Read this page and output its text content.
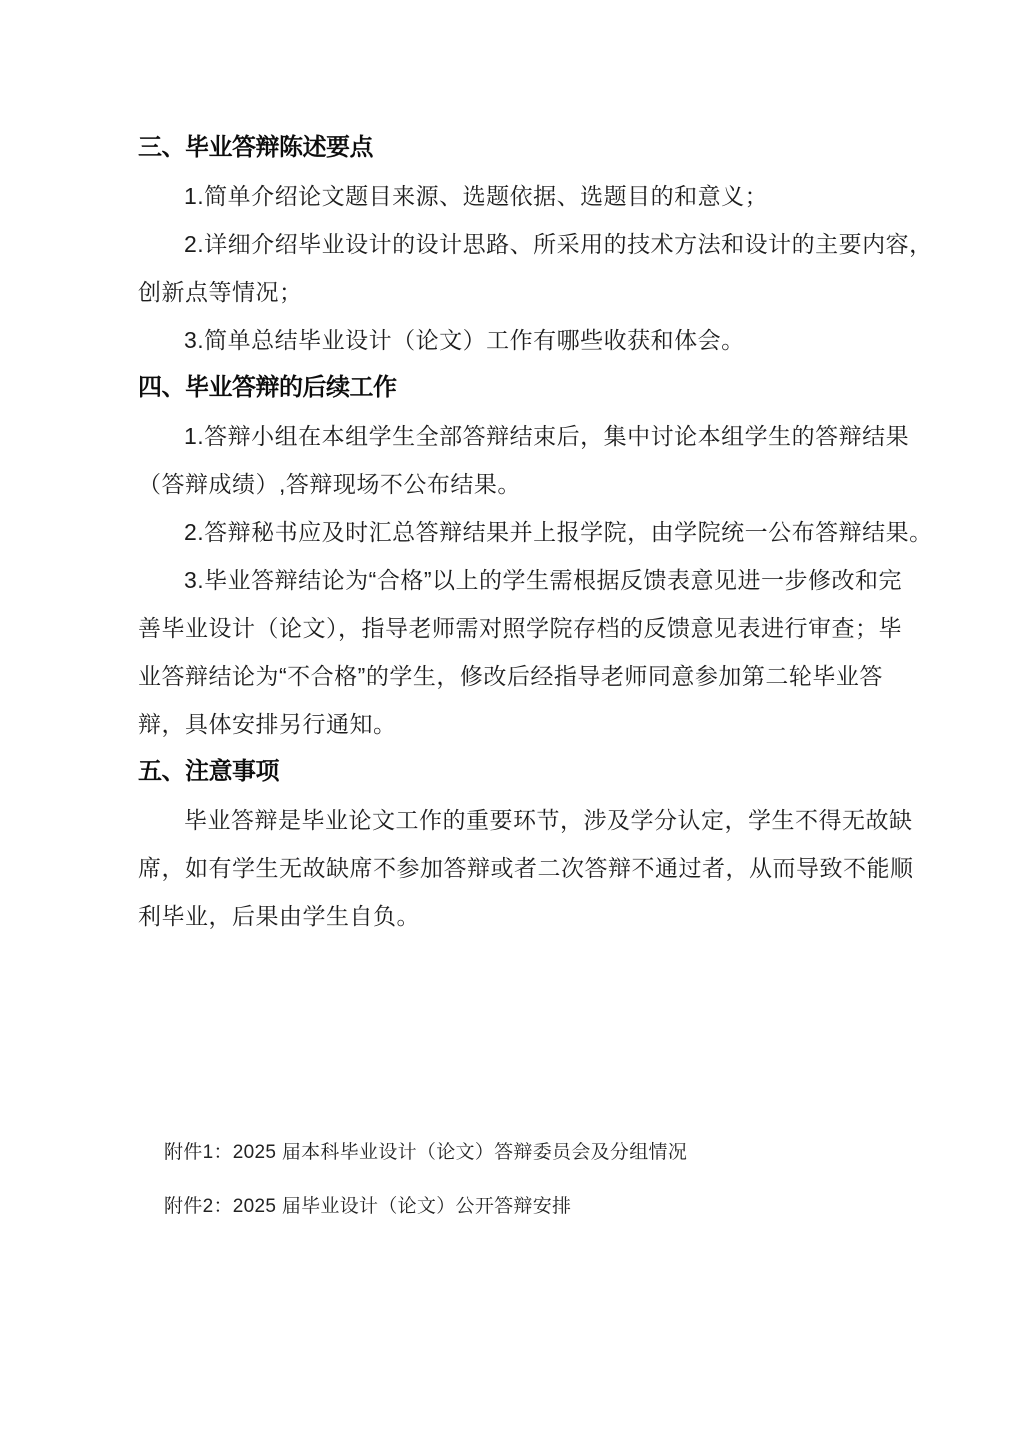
三、毕业答辩陈述要点
1.简单介绍论文题目来源、选题依据、选题目的和意义；
2.详细介绍毕业设计的设计思路、所采用的技术方法和设计的主要内容，
创新点等情况；
3.简单总结毕业设计（论文）工作有哪些收获和体会。
四、毕业答辩的后续工作
1.答辩小组在本组学生全部答辩结束后，集中讨论本组学生的答辩结果
（答辩成绩）,答辩现场不公布结果。
2.答辩秘书应及时汇总答辩结果并上报学院，由学院统一公布答辩结果。
3.毕业答辩结论为“合格”以上的学生需根据反馈表意见进一步修改和完
善毕业设计（论文），指导老师需对照学院存档的反馈意见表进行审查；毕
业答辩结论为“不合格”的学生，修改后经指导老师同意参加第二轮毕业答
辩，具体安排另行通知。
五、注意事项
毕业答辩是毕业论文工作的重要环节，涉及学分认定，学生不得无故缺
席，如有学生无故缺席不参加答辩或者二次答辩不通过者，从而导致不能顺
利毕业，后果由学生自负。
附件1：2025 届本科毕业设计（论文）答辩委员会及分组情况
附件2：2025 届毕业设计（论文）公开答辩安排
